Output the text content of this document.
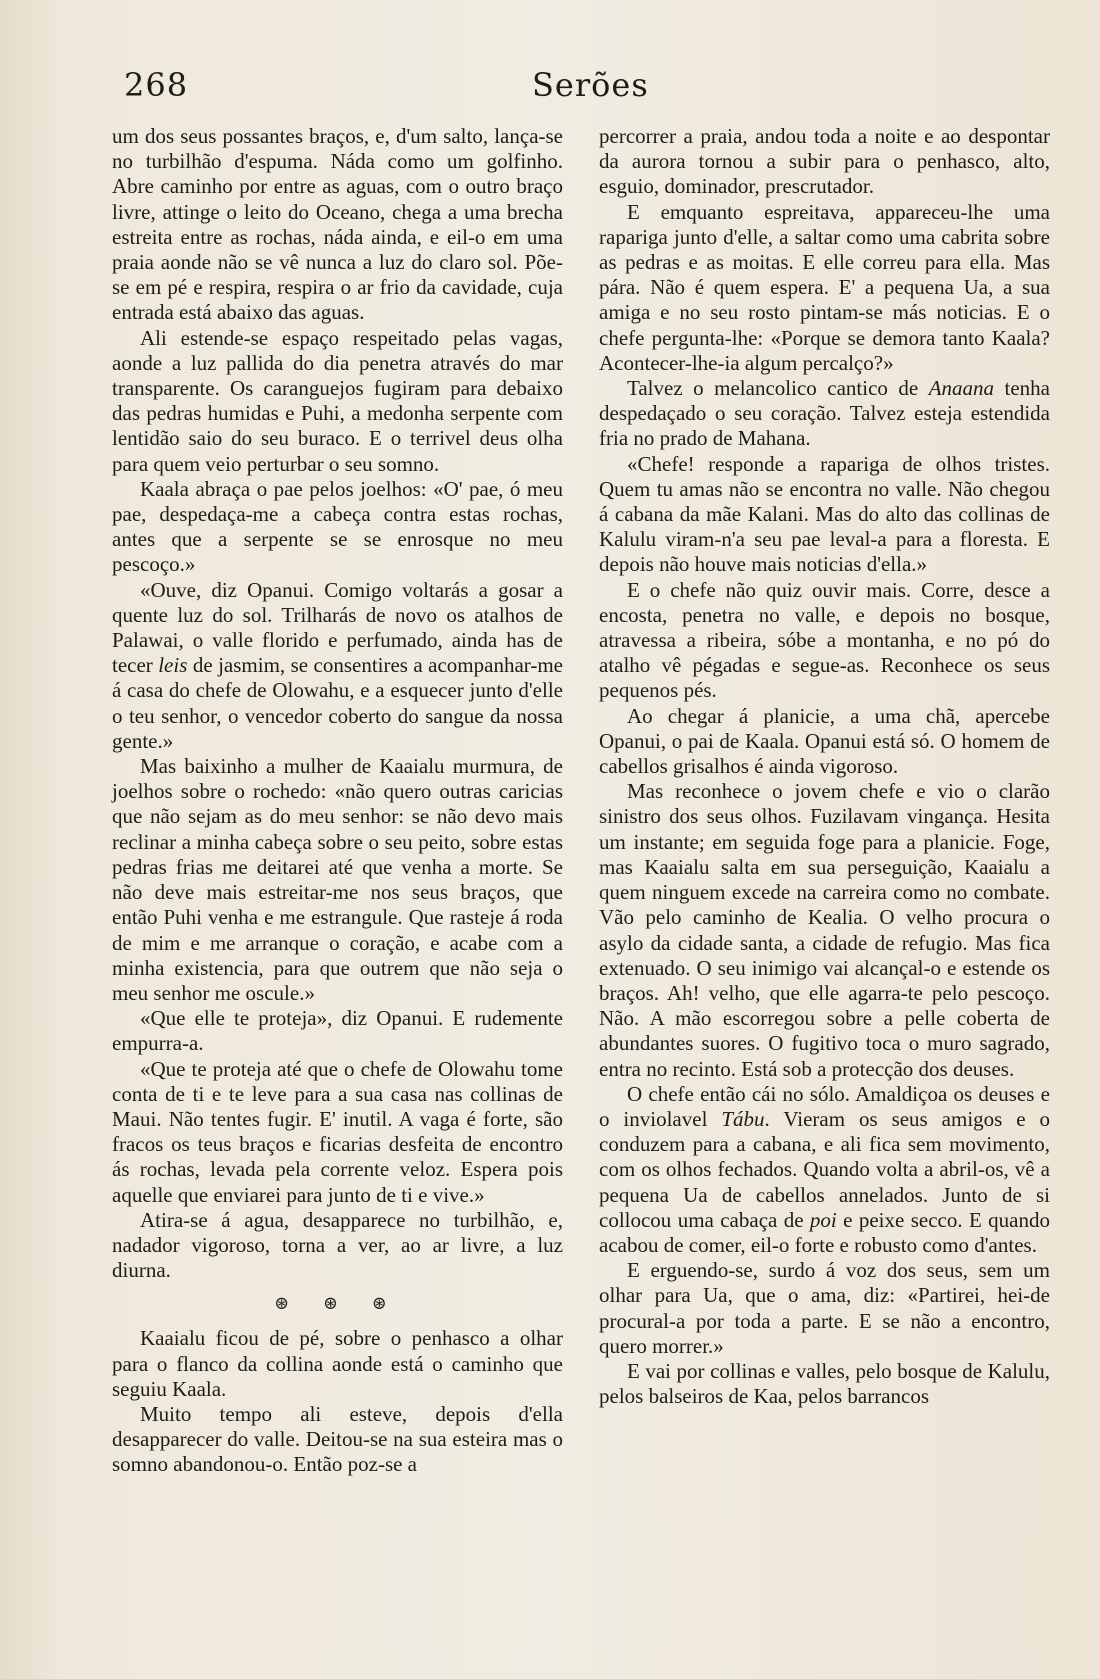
268	Serões

um dos seus possantes braços, e, d'um salto, lança-se no turbilhão d'espuma. Náda como um golfinho. Abre caminho por entre as aguas, com o outro braço livre, attinge o leito do Oceano, chega a uma brecha estreita entre as rochas, náda ainda, e eil-o em uma praia aonde não se vê nunca a luz do claro sol. Põe-se em pé e respira, respira o ar frio da cavidade, cuja entrada está abaixo das aguas.

Ali estende-se espaço respeitado pelas vagas, aonde a luz pallida do dia penetra através do mar transparente. Os caranguejos fugiram para debaixo das pedras humidas e Puhi, a medonha serpente com lentidão saio do seu buraco. E o terrivel deus olha para quem veio perturbar o seu somno.

Kaala abraça o pae pelos joelhos: «O' pae, ó meu pae, despedaça-me a cabeça contra estas rochas, antes que a serpente se se enrosque no meu pescoço.»

«Ouve, diz Opanui. Comigo voltarás a gosar a quente luz do sol. Trilharás de novo os atalhos de Palawai, o valle florido e perfumado, ainda has de tecer leis de jasmim, se consentires a acompanhar-me á casa do chefe de Olowahu, e a esquecer junto d'elle o teu senhor, o vencedor coberto do sangue da nossa gente.»

Mas baixinho a mulher de Kaaialu murmura, de joelhos sobre o rochedo: «não quero outras caricias que não sejam as do meu senhor: se não devo mais reclinar a minha cabeça sobre o seu peito, sobre estas pedras frias me deitarei até que venha a morte. Se não deve mais estreitar-me nos seus braços, que então Puhi venha e me estrangule. Que rasteje á roda de mim e me arranque o coração, e acabe com a minha existencia, para que outrem que não seja o meu senhor me oscule.»

«Que elle te proteja», diz Opanui. E rudemente empurra-a.

«Que te proteja até que o chefe de Olowahu tome conta de ti e te leve para a sua casa nas collinas de Maui. Não tentes fugir. E' inutil. A vaga é forte, são fracos os teus braços e ficarias desfeita de encontro ás rochas, levada pela corrente veloz. Espera pois aquelle que enviarei para junto de ti e vive.»

Atira-se á agua, desapparece no turbilhão, e, nadador vigoroso, torna a ver, ao ar livre, a luz diurna.

⊛ ⊛ ⊛

Kaaialu ficou de pé, sobre o penhasco a olhar para o flanco da collina aonde está o caminho que seguiu Kaala.

Muito tempo ali esteve, depois d'ella desapparecer do valle. Deitou-se na sua esteira mas o somno abandonou-o. Então poz-se a

percorrer a praia, andou toda a noite e ao despontar da aurora tornou a subir para o penhasco, alto, esguio, dominador, prescrutador.

E emquanto espreitava, appareceu-lhe uma rapariga junto d'elle, a saltar como uma cabrita sobre as pedras e as moitas. E elle correu para ella. Mas pára. Não é quem espera. E' a pequena Ua, a sua amiga e no seu rosto pintam-se más noticias. E o chefe pergunta-lhe: «Porque se demora tanto Kaala? Acontecer-lhe-ia algum percalço?»

Talvez o melancolico cantico de Anaana tenha despedaçado o seu coração. Talvez esteja estendida fria no prado de Mahana.

«Chefe! responde a rapariga de olhos tristes. Quem tu amas não se encontra no valle. Não chegou á cabana da mãe Kalani. Mas do alto das collinas de Kalulu viram-n'a seu pae leval-a para a floresta. E depois não houve mais noticias d'ella.»

E o chefe não quiz ouvir mais. Corre, desce a encosta, penetra no valle, e depois no bosque, atravessa a ribeira, sóbe a montanha, e no pó do atalho vê pégadas e segue-as. Reconhece os seus pequenos pés.

Ao chegar á planicie, a uma chã, apercebe Opanui, o pai de Kaala. Opanui está só. O homem de cabellos grisalhos é ainda vigoroso.

Mas reconhece o jovem chefe e vio o clarão sinistro dos seus olhos. Fuzilavam vingança. Hesita um instante; em seguida foge para a planicie. Foge, mas Kaaialu salta em sua perseguição, Kaaialu a quem ninguem excede na carreira como no combate. Vão pelo caminho de Kealia. O velho procura o asylo da cidade santa, a cidade de refugio. Mas fica extenuado. O seu inimigo vai alcançal-o e estende os braços. Ah! velho, que elle agarra-te pelo pescoço. Não. A mão escorregou sobre a pelle coberta de abundantes suores. O fugitivo toca o muro sagrado, entra no recinto. Está sob a protecção dos deuses.

O chefe então cái no sólo. Amaldiçoa os deuses e o inviolavel Tábu. Vieram os seus amigos e o conduzem para a cabana, e ali fica sem movimento, com os olhos fechados. Quando volta a abril-os, vê a pequena Ua de cabellos annelados. Junto de si collocou uma cabaça de poi e peixe secco. E quando acabou de comer, eil-o forte e robusto como d'antes.

E erguendo-se, surdo á voz dos seus, sem um olhar para Ua, que o ama, diz: «Partirei, hei-de procural-a por toda a parte. E se não a encontro, quero morrer.»

E vai por collinas e valles, pelo bosque de Kalulu, pelos balseiros de Kaa, pelos barrancos
